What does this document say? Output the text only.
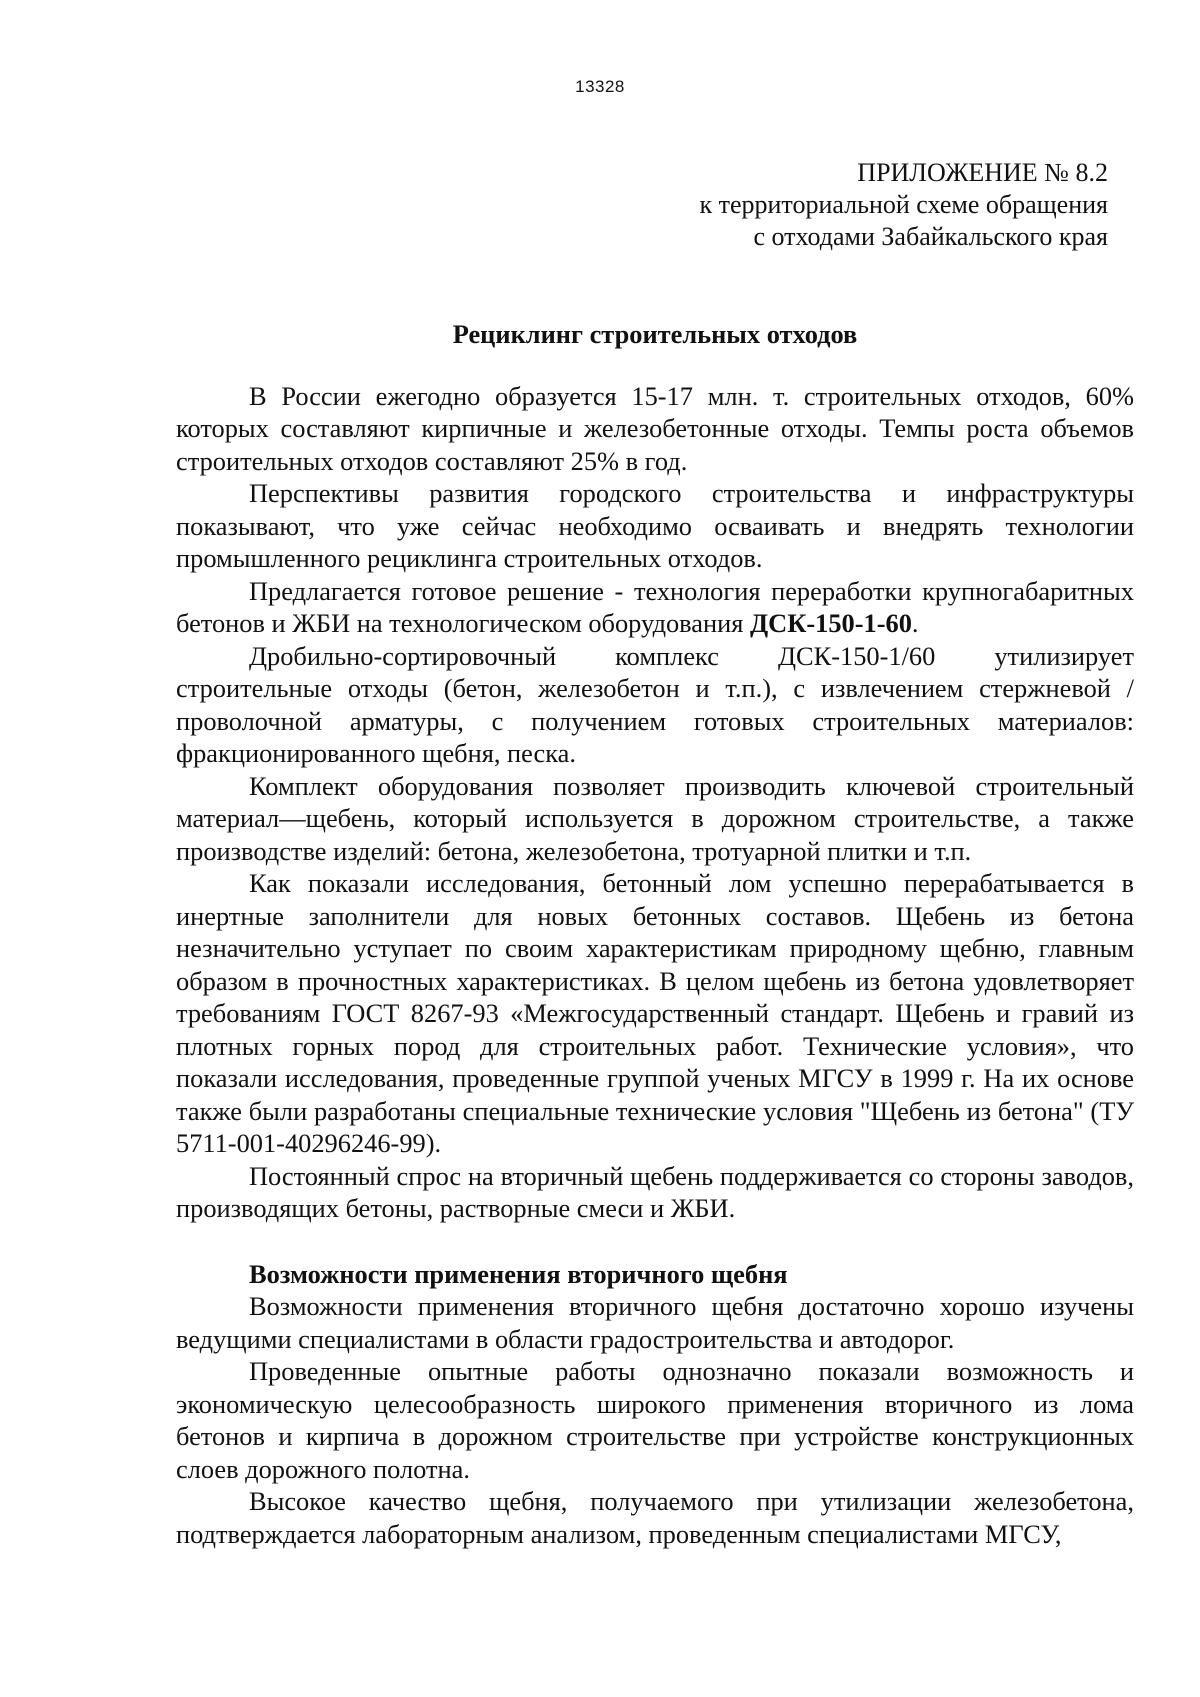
13328
ПРИЛОЖЕНИЕ № 8.2
к территориальной схеме обращения
с отходами Забайкальского края
Рециклинг строительных отходов

В России ежегодно образуется 15-17 млн. т. строительных отходов, 60% которых составляют кирпичные и железобетонные отходы. Темпы роста объемов строительных отходов составляют 25% в год.

Перспективы развития городского строительства и инфраструктуры показывают, что уже сейчас необходимо осваивать и внедрять технологии промышленного рециклинга строительных отходов.

Предлагается готовое решение - технология переработки крупногабаритных бетонов и ЖБИ на технологическом оборудования ДСК-150-1-60.

Дробильно-сортировочный комплекс ДСК-150-1/60 утилизирует строительные отходы (бетон, железобетон и т.п.), с извлечением стержневой /проволочной арматуры, с получением готовых строительных материалов: фракционированного щебня, песка.

Комплект оборудования позволяет производить ключевой строительный материал—щебень, который используется в дорожном строительстве, а также производстве изделий: бетона, железобетона, тротуарной плитки и т.п.

Как показали исследования, бетонный лом успешно перерабатывается в инертные заполнители для новых бетонных составов. Щебень из бетона незначительно уступает по своим характеристикам природному щебню, главным образом в прочностных характеристиках. В целом щебень из бетона удовлетворяет требованиям ГОСТ 8267-93 «Межгосударственный стандарт. Щебень и гравий из плотных горных пород для строительных работ. Технические условия», что показали исследования, проведенные группой ученых МГСУ в 1999 г. На их основе также были разработаны специальные технические условия "Щебень из бетона" (ТУ 5711-001-40296246-99).

Постоянный спрос на вторичный щебень поддерживается со стороны заводов, производящих бетоны, растворные смеси и ЖБИ.

Возможности применения вторичного щебня

Возможности применения вторичного щебня достаточно хорошо изучены ведущими специалистами в области градостроительства и автодорог.

Проведенные опытные работы однозначно показали возможность и экономическую целесообразность широкого применения вторичного из лома бетонов и кирпича в дорожном строительстве при устройстве конструкционных слоев дорожного полотна.

Высокое качество щебня, получаемого при утилизации железобетона, подтверждается лабораторным анализом, проведенным специалистами МГСУ,
